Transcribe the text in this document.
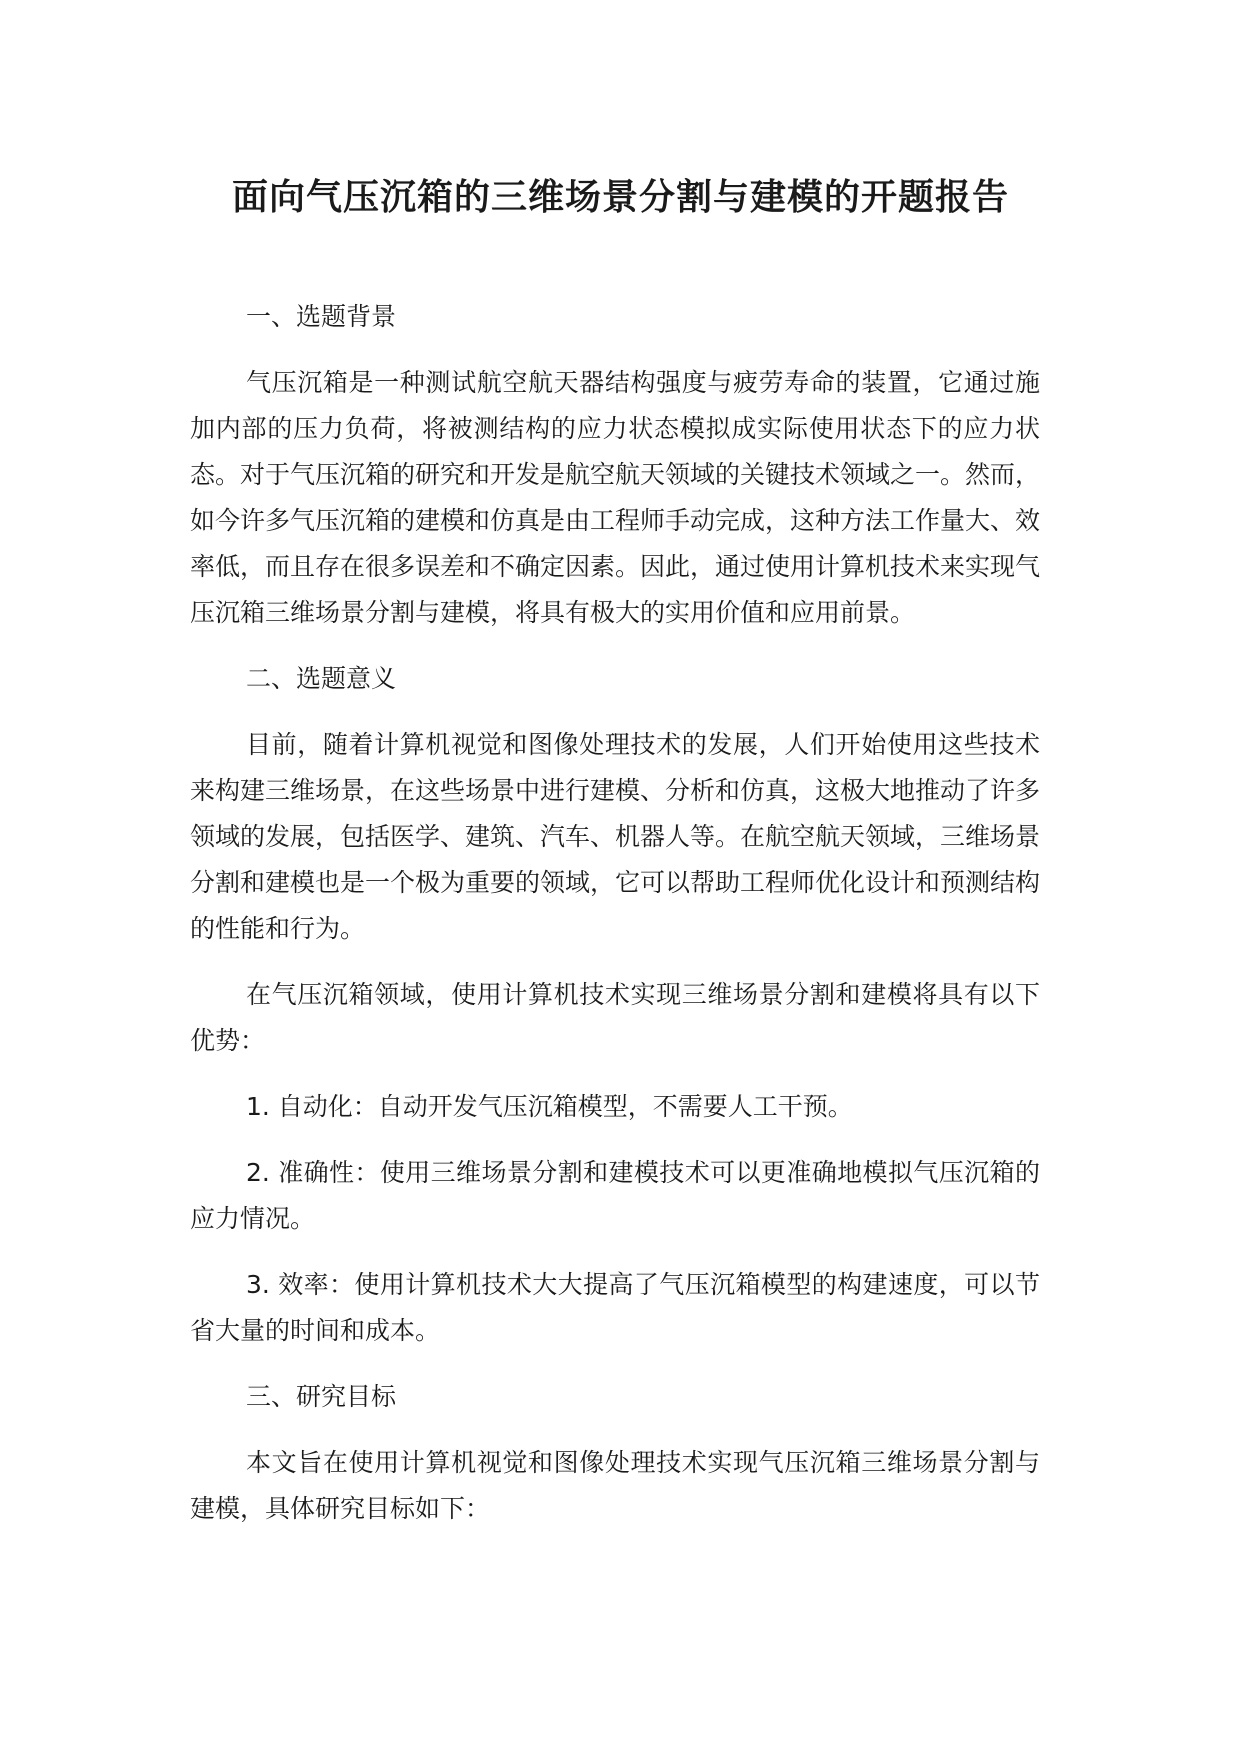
面向气压沉箱的三维场景分割与建模的开题报告

一、选题背景

气压沉箱是一种测试航空航天器结构强度与疲劳寿命的装置，它通过施加内部的压力负荷，将被测结构的应力状态模拟成实际使用状态下的应力状态。对于气压沉箱的研究和开发是航空航天领域的关键技术领域之一。然而，如今许多气压沉箱的建模和仿真是由工程师手动完成，这种方法工作量大、效率低，而且存在很多误差和不确定因素。因此，通过使用计算机技术来实现气压沉箱三维场景分割与建模，将具有极大的实用价值和应用前景。

二、选题意义

目前，随着计算机视觉和图像处理技术的发展，人们开始使用这些技术来构建三维场景，在这些场景中进行建模、分析和仿真，这极大地推动了许多领域的发展，包括医学、建筑、汽车、机器人等。在航空航天领域，三维场景分割和建模也是一个极为重要的领域，它可以帮助工程师优化设计和预测结构的性能和行为。

在气压沉箱领域，使用计算机技术实现三维场景分割和建模将具有以下优势：

1. 自动化：自动开发气压沉箱模型，不需要人工干预。

2. 准确性：使用三维场景分割和建模技术可以更准确地模拟气压沉箱的应力情况。

3. 效率：使用计算机技术大大提高了气压沉箱模型的构建速度，可以节省大量的时间和成本。

三、研究目标

本文旨在使用计算机视觉和图像处理技术实现气压沉箱三维场景分割与建模，具体研究目标如下：
